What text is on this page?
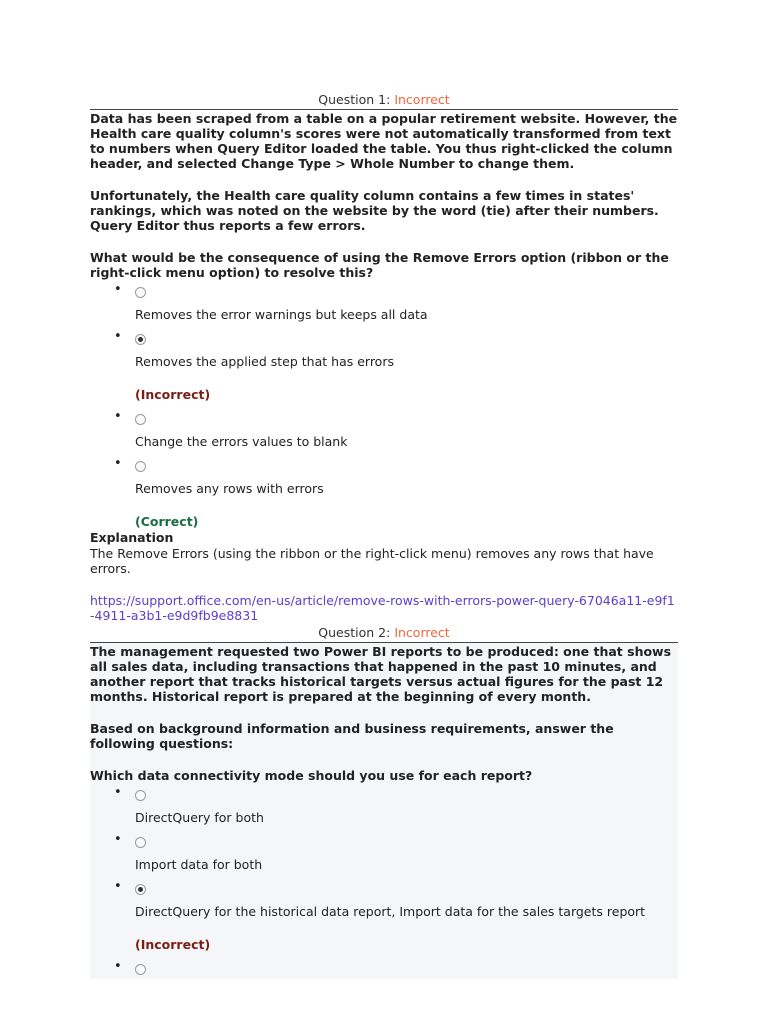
Question 1: Incorrect

Data has been scraped from a table on a popular retirement website. However, the Health care quality column's scores were not automatically transformed from text to numbers when Query Editor loaded the table. You thus right-clicked the column header, and selected Change Type > Whole Number to change them.

Unfortunately, the Health care quality column contains a few times in states' rankings, which was noted on the website by the word (tie) after their numbers. Query Editor thus reports a few errors.

What would be the consequence of using the Remove Errors option (ribbon or the right-click menu option) to resolve this?

•
Removes the error warnings but keeps all data
•
Removes the applied step that has errors
(Incorrect)
•
Change the errors values to blank
•
Removes any rows with errors
(Correct)
Explanation
The Remove Errors (using the ribbon or the right-click menu) removes any rows that have errors.
https://support.office.com/en-us/article/remove-rows-with-errors-power-query-67046a11-e9f1-4911-a3b1-e9d9fb9e8831
Question 2: Incorrect

The management requested two Power BI reports to be produced: one that shows all sales data, including transactions that happened in the past 10 minutes, and another report that tracks historical targets versus actual figures for the past 12 months. Historical report is prepared at the beginning of every month.

Based on background information and business requirements, answer the following questions:

Which data connectivity mode should you use for each report?

•
DirectQuery for both
•
Import data for both
•
DirectQuery for the historical data report, Import data for the sales targets report
(Incorrect)
•
